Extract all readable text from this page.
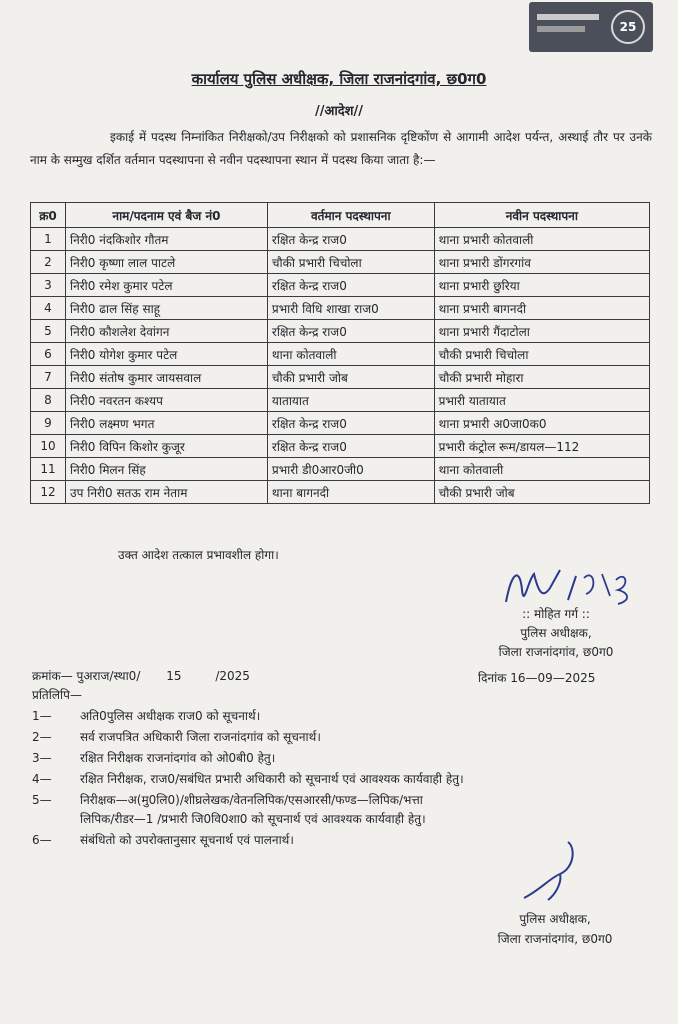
25
कार्यालय पुलिस अधीक्षक, जिला राजनांदगांव, छ0ग0
//आदेश//
इकाई में पदस्थ निम्नांकित निरीक्षको/उप निरीक्षको को प्रशासनिक दृष्टिकोंण से आगामी आदेश पर्यन्त, अस्थाई तौर पर उनके नाम के सम्मुख दर्शित वर्तमान पदस्थापना से नवीन पदस्थापना स्थान में पदस्थ किया जाता है:—
क्र0	नाम/पदनाम एवं बैज नं0	वर्तमान पदस्थापना	नवीन पदस्थापना
1	निरी0 नंदकिशोर गौतम	रक्षित केन्द्र राज0	थाना प्रभारी कोतवाली
2	निरी0 कृष्णा लाल पाटले	चौकी प्रभारी चिचोला	थाना प्रभारी डोंगरगांव
3	निरी0 रमेश कुमार पटेल	रक्षित केन्द्र राज0	थाना प्रभारी छुरिया
4	निरी0 ढाल सिंह साहू	प्रभारी विधि शाखा राज0	थाना प्रभारी बागनदी
5	निरी0 कौशलेश देवांगन	रक्षित केन्द्र राज0	थाना प्रभारी गैंदाटोला
6	निरी0 योगेश कुमार पटेल	थाना कोतवाली	चौकी प्रभारी चिचोला
7	निरी0 संतोष कुमार जायसवाल	चौकी प्रभारी जोब	चौकी प्रभारी मोहारा
8	निरी0 नवरतन कश्यप	यातायात	प्रभारी यातायात
9	निरी0 लक्ष्मण भगत	रक्षित केन्द्र राज0	थाना प्रभारी अ0जा0क0
10	निरी0 विपिन किशोर कुजूर	रक्षित केन्द्र राज0	प्रभारी कंट्रोल रूम/डायल—112
11	निरी0 मिलन सिंह	प्रभारी डी0आर0जी0	थाना कोतवाली
12	उप निरी0 सतऊ राम नेताम	थाना बागनदी	चौकी प्रभारी जोब
उक्त आदेश तत्काल प्रभावशील होगा।
:: मोहित गर्ग ::
पुलिस अधीक्षक,
जिला राजनांदगांव, छ0ग0
क्रमांक— पुअराज/स्था0/ 15	/2025	दिनांक 16—09—2025
प्रतिलिपि—
1—	अति0पुलिस अधीक्षक राज0 को सूचनार्थ।
2—	सर्व राजपत्रित अधिकारी जिला राजनांदगांव को सूचनार्थ।
3—	रक्षित निरीक्षक राजनांदगांव को ओ0बी0 हेतु।
4—	रक्षित निरीक्षक, राज0/सबंधित प्रभारी अधिकारी को सूचनार्थ एवं आवश्यक कार्यवाही हेतु।
5—	निरीक्षक—अ(मु0लि0)/शीघ्रलेखक/वेतनलिपिक/एसआरसी/फण्ड—लिपिक/भत्ता
लिपिक/रीडर—1 /प्रभारी जि0वि0शा0 को सूचनार्थ एवं आवश्यक कार्यवाही हेतु।
6—	संबंधितो को उपरोक्तानुसार सूचनार्थ एवं पालनार्थ।
पुलिस अधीक्षक,
जिला राजनांदगांव, छ0ग0
